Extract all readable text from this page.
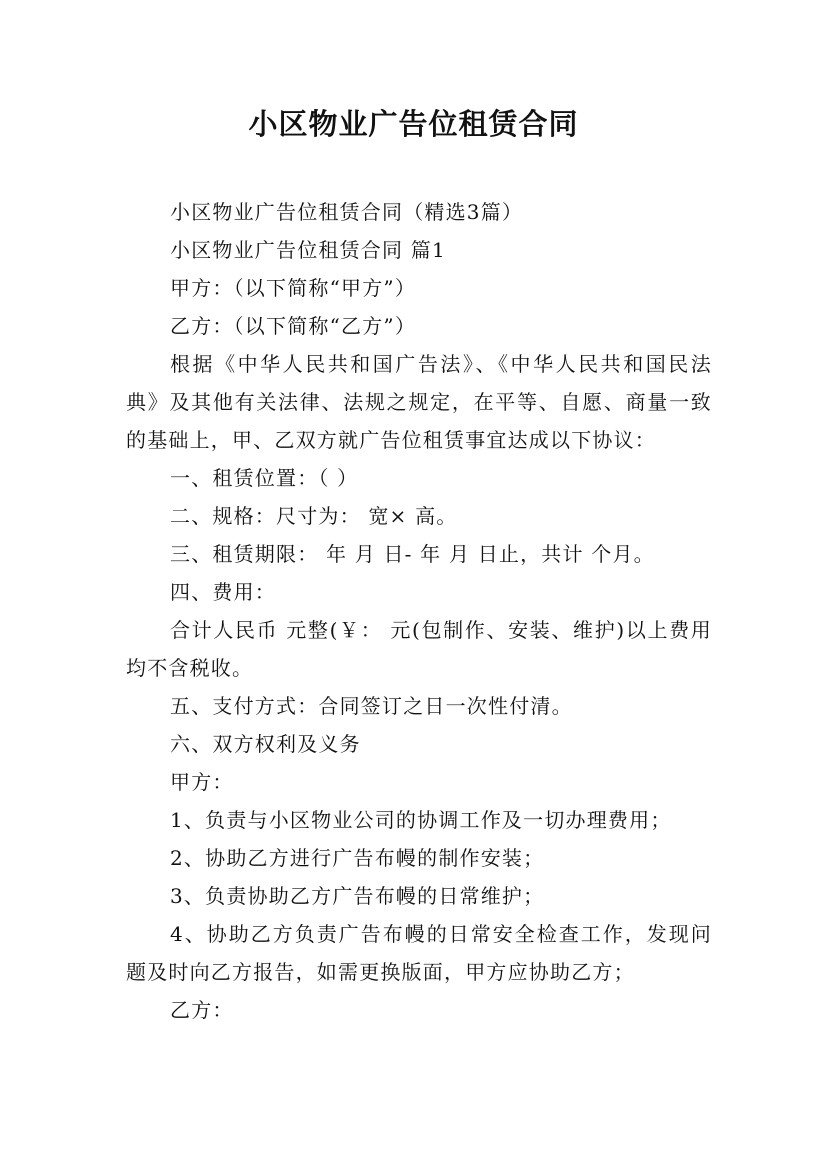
小区物业广告位租赁合同

小区物业广告位租赁合同（精选3篇）

小区物业广告位租赁合同 篇1

甲方：（以下简称“甲方”）

乙方：（以下简称“乙方”）

根据《中华人民共和国广告法》、《中华人民共和国民法典》及其他有关法律、法规之规定，在平等、自愿、商量一致的基础上，甲、乙双方就广告位租赁事宜达成以下协议：

一、租赁位置：（ ）

二、规格：尺寸为： 宽× 高。

三、租赁期限： 年 月 日- 年 月 日止，共计 个月。

四、费用：

合计人民币 元整(￥： 元(包制作、安装、维护)以上费用均不含税收。

五、支付方式：合同签订之日一次性付清。

六、双方权利及义务

甲方：

1、负责与小区物业公司的协调工作及一切办理费用；

2、协助乙方进行广告布幔的制作安装；

3、负责协助乙方广告布幔的日常维护；

4、协助乙方负责广告布幔的日常安全检查工作，发现问题及时向乙方报告，如需更换版面，甲方应协助乙方；

乙方：
